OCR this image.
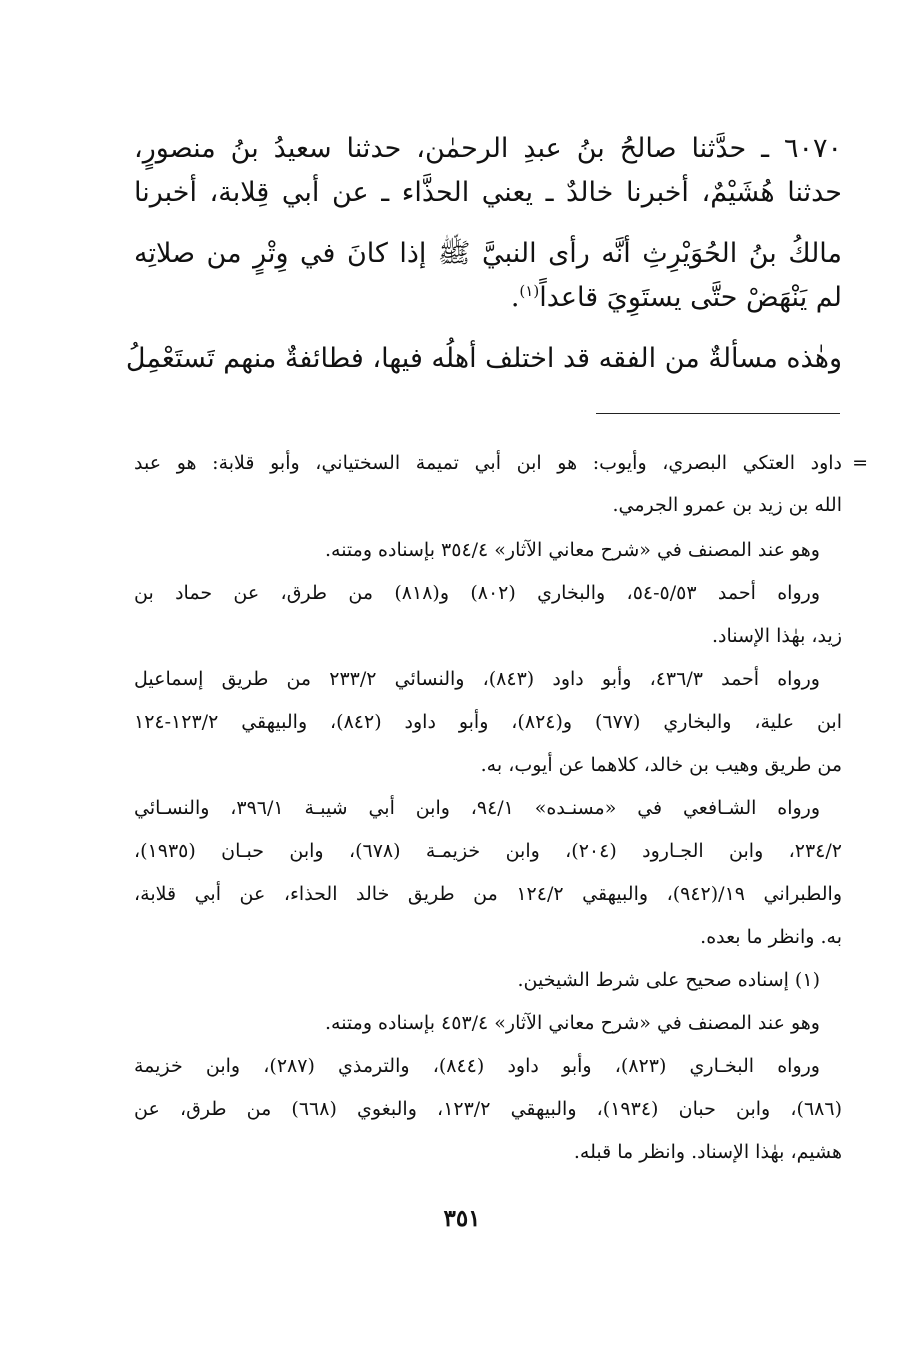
٦٠٧٠ ـ حدَّثنا صالحُ بنُ عبدِ الرحمٰن، حدثنا سعيدُ بنُ منصورٍ،
حدثنا هُشَيْمٌ، أخبرنا خالدٌ ـ يعني الحذَّاء ـ عن أبي قِلابة، أخبرنا
مالكُ بنُ الحُوَيْرِثِ أنَّه رأى النبيَّ ﷺ إذا كانَ في وِتْرٍ من صلاتِه
لم يَنْهَضْ حتَّى يستَوِيَ قاعداً$^{(١)}$.
وهٰذه مسألةٌ من الفقه قد اختلف أهلُه فيها، فطائفةٌ منهم تَستَعْمِلُ
=
داود العتكي البصري، وأيوب: هو ابن أبي تميمة السختياني، وأبو قلابة: هو عبد
الله بن زيد بن عمرو الجرمي.
وهو عند المصنف في «شرح معاني الآثار» ٣٥٤/٤ بإسناده ومتنه.
ورواه أحمد ٥/٥٣-٥٤، والبخاري (٨٠٢) و(٨١٨) من طرق، عن حماد بن
زيد، بهٰذا الإسناد.
ورواه أحمد ٤٣٦/٣، وأبو داود (٨٤٣)، والنسائي ٢٣٣/٢ من طريق إسماعيل
ابن علية، والبخاري (٦٧٧) و(٨٢٤)، وأبو داود (٨٤٢)، والبيهقي ١٢٣/٢-١٢٤
من طريق وهيب بن خالد، كلاهما عن أيوب، به.
ورواه الشـافعي في «مسنـده» ٩٤/١، وابن أبي شيبـة ٣٩٦/١، والنسـائي
٢٣٤/٢، وابن الجـارود (٢٠٤)، وابن خزيمـة (٦٧٨)، وابن حبـان (١٩٣٥)،
والطبراني ١٩/(٩٤٢)، والبيهقي ١٢٤/٢ من طريق خالد الحذاء، عن أبي قلابة،
به. وانظر ما بعده.
(١) إسناده صحيح على شرط الشيخين.
وهو عند المصنف في «شرح معاني الآثار» ٤٥٣/٤ بإسناده ومتنه.
ورواه البخـاري (٨٢٣)، وأبو داود (٨٤٤)، والترمذي (٢٨٧)، وابن خزيمة
(٦٨٦)، وابن حبان (١٩٣٤)، والبيهقي ١٢٣/٢، والبغوي (٦٦٨) من طرق، عن
هشيم، بهٰذا الإسناد. وانظر ما قبله.
٣٥١
